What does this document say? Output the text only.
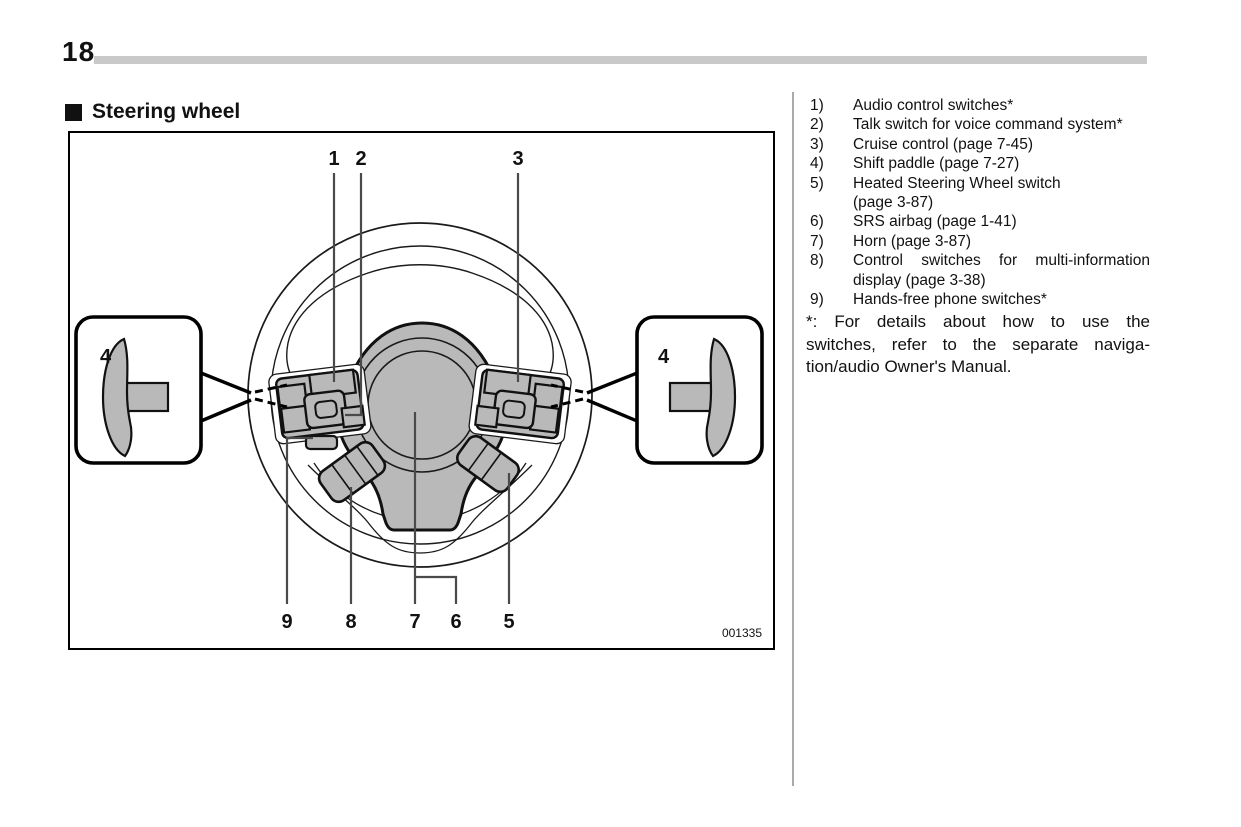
18
Steering wheel
1 2	3
4	4
9	8	7 6 5	001335
1)	Audio control switches*
2)	Talk switch for voice command system*
3)	Cruise control (page 7-45)
4)	Shift paddle (page 7-27)
5)	Heated Steering Wheel switch
(page 3-87)
6)	SRS airbag (page 1-41)
7)	Horn (page 3-87)
8)	Control switches for multi-information
display (page 3-38)
9)	Hands-free phone switches*
*: For details about how to use the
switches, refer to the separate naviga-
tion/audio Owner's Manual.
